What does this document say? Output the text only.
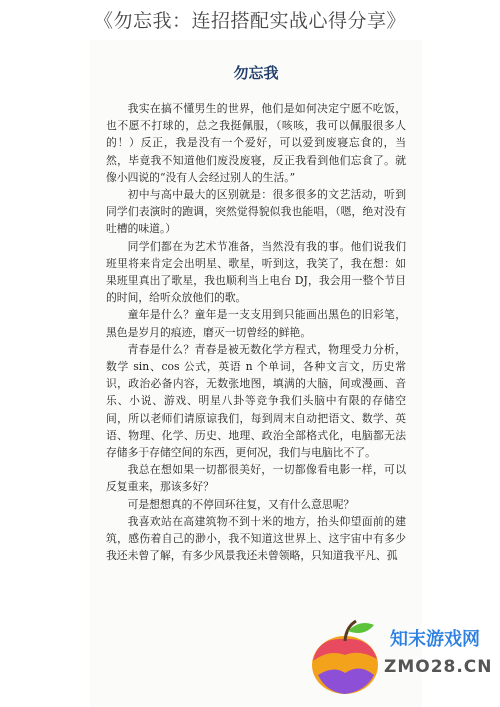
《勿忘我：连招搭配实战心得分享》
勿忘我

我实在搞不懂男生的世界，他们是如何决定宁愿不吃饭，也不愿不打球的，总之我挺佩服，（咳咳，我可以佩服很多人的！）反正，我是没有一个爱好，可以爱到废寝忘食的，当然，毕竟我不知道他们废没废寝，反正我看到他们忘食了。就像小四说的“没有人会经过别人的生活。”

初中与高中最大的区别就是：很多很多的文艺活动，听到同学们表演时的跑调，突然觉得貌似我也能唱，（嗯，绝对没有吐槽的味道。）

同学们都在为艺术节准备，当然没有我的事。他们说我们班里将来肯定会出明星、歌星，听到这，我笑了，我在想：如果班里真出了歌星，我也顺利当上电台 DJ，我会用一整个节目的时间，给听众放他们的歌。

童年是什么？童年是一支支用到只能画出黑色的旧彩笔，黑色是岁月的痕迹，磨灭一切曾经的鲜艳。

青春是什么？青春是被无数化学方程式，物理受力分析，数学 sin、cos 公式，英语 n 个单词，各种文言文，历史常识，政治必备内容，无数张地图，填满的大脑，间或漫画、音乐、小说、游戏、明星八卦等竞争我们头脑中有限的存储空间，所以老师们请原谅我们，每到周末自动把语文、数学、英语、物理、化学、历史、地理、政治全部格式化，电脑都无法存储多于存储空间的东西，更何况，我们与电脑比不了。

我总在想如果一切都很美好，一切都像看电影一样，可以反复重来，那该多好？

可是想想真的不停回环往复，又有什么意思呢？

我喜欢站在高建筑物不到十米的地方，抬头仰望面前的建筑，感伤着自己的渺小，我不知道这世界上、这宇宙中有多少我还未曾了解，有多少风景我还未曾领略，只知道我平凡、孤

知末游戏网
ZMO28.CN
